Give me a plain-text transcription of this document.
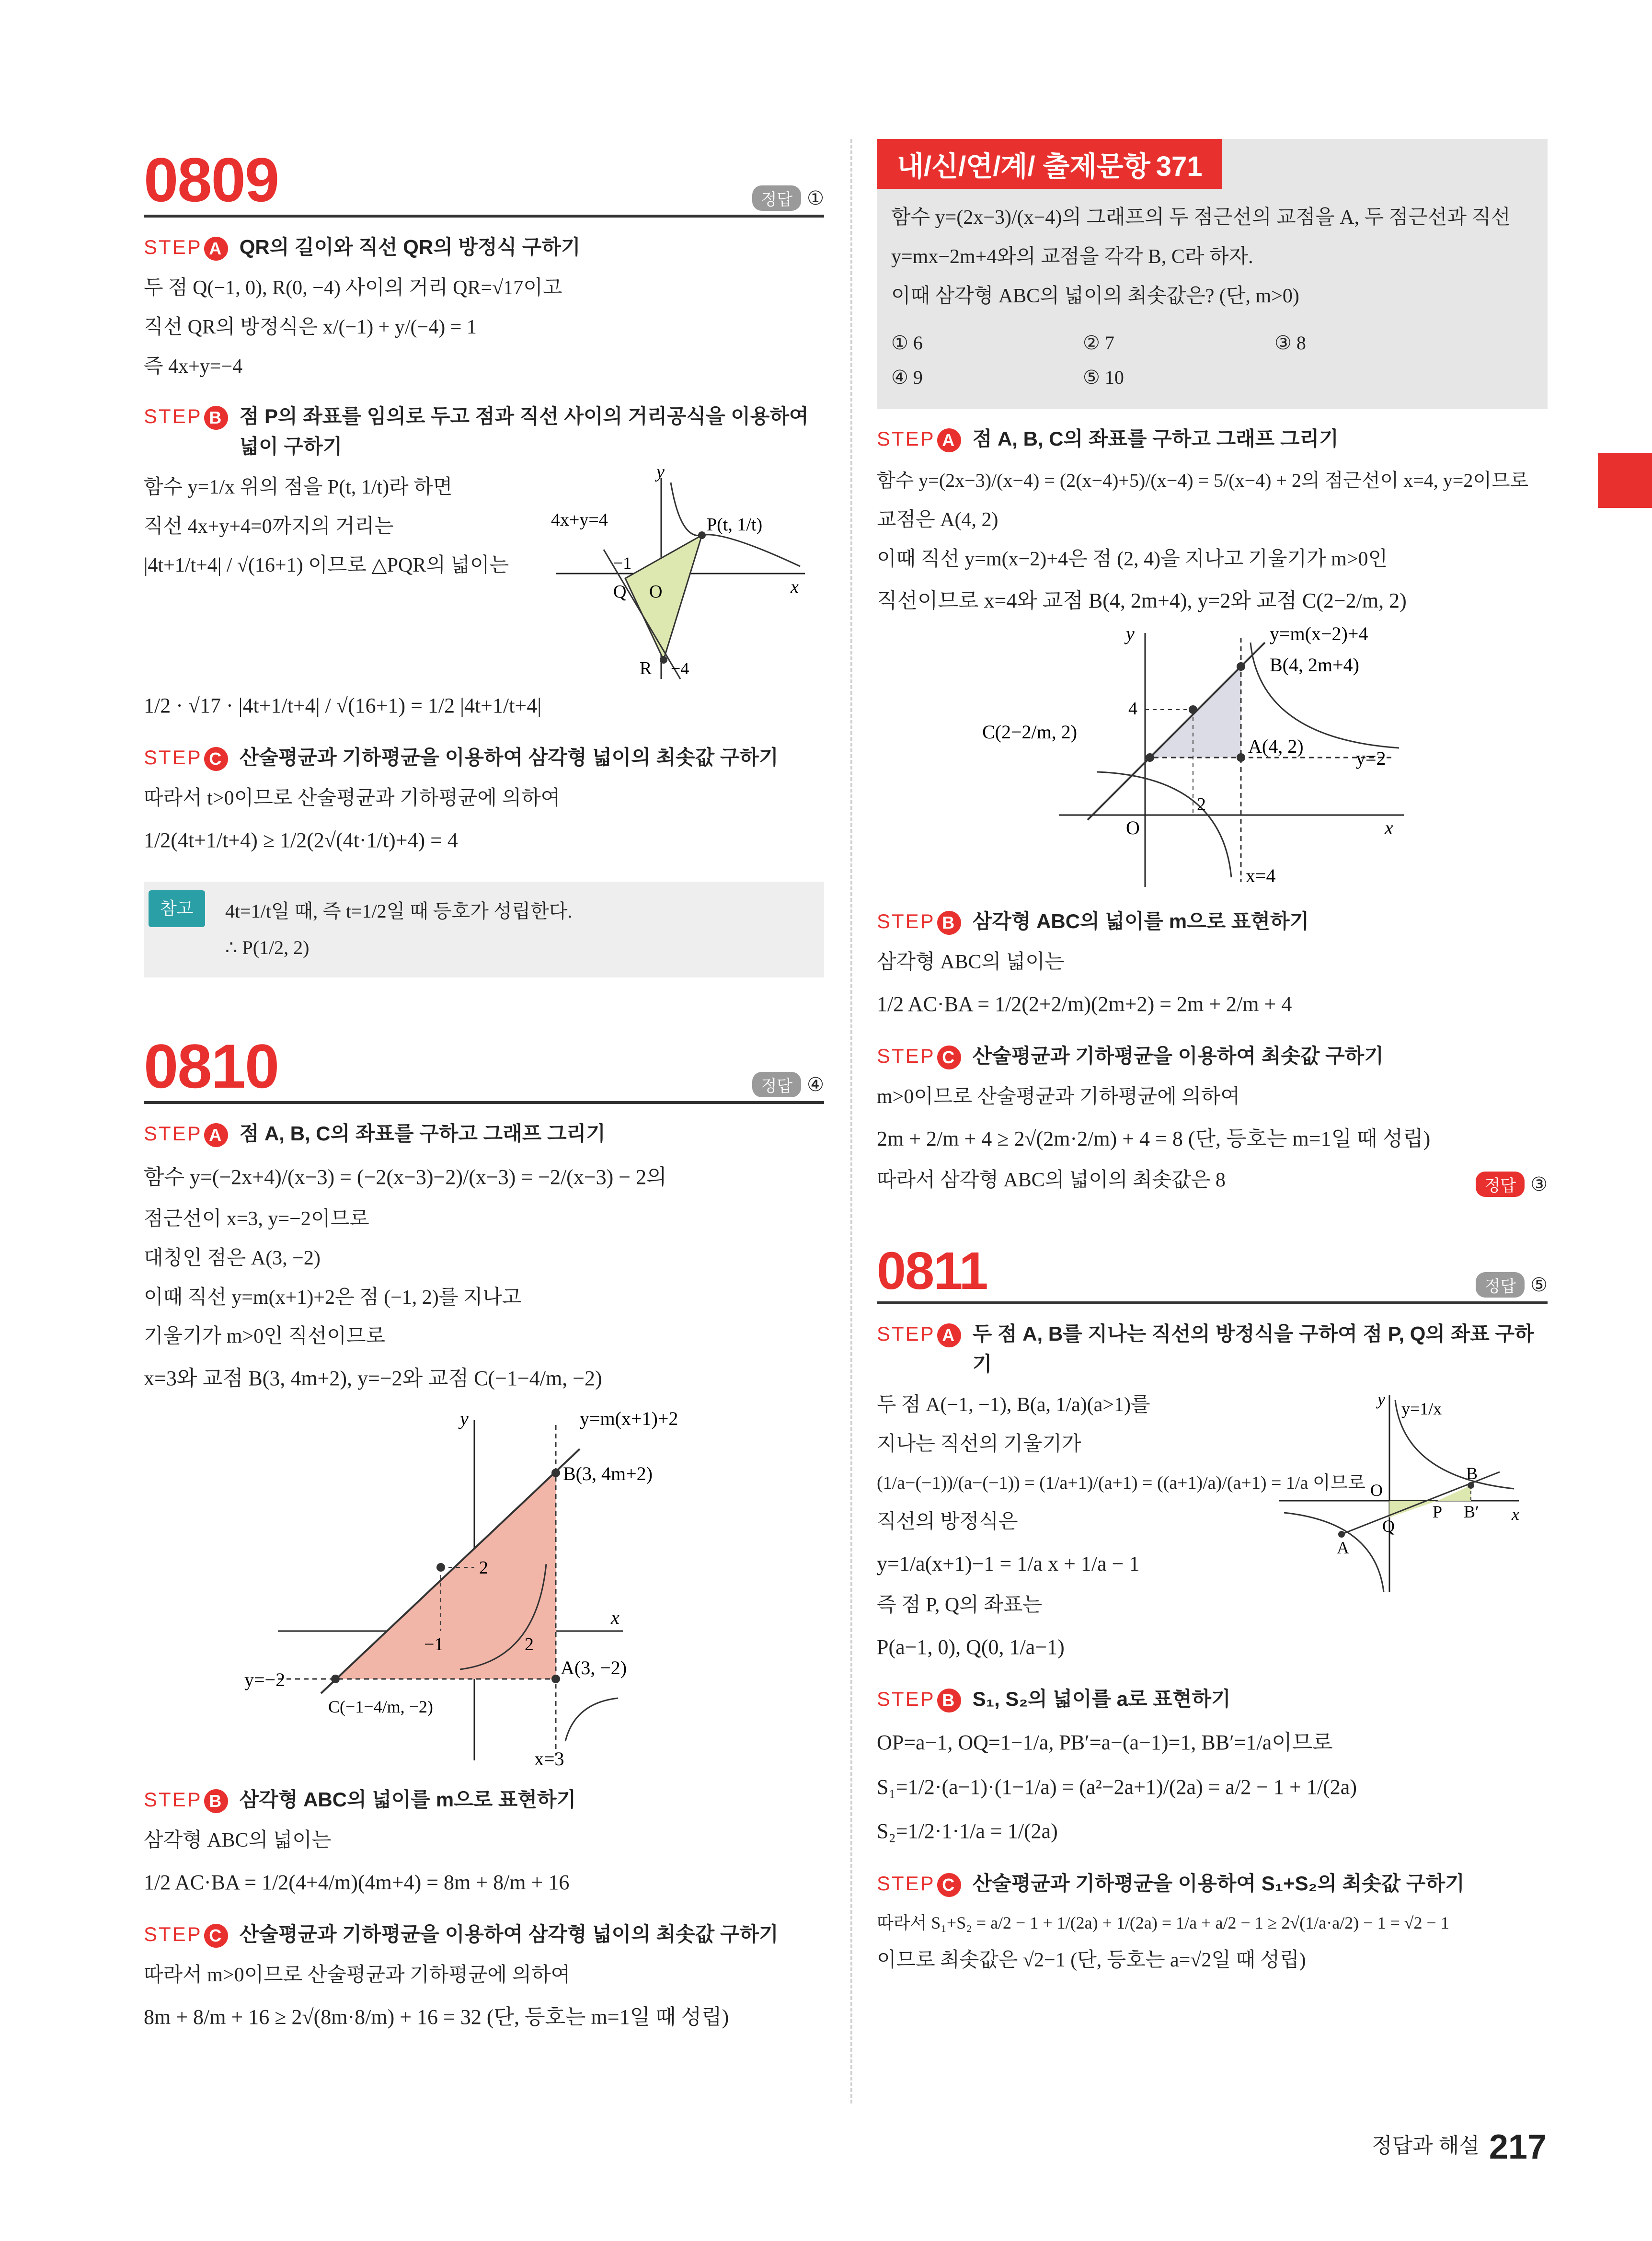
0809	정답 ①
STEP A QR의 길이와 직선 QR의 방정식 구하기
두 점 Q(−1, 0), R(0, −4) 사이의 거리 QR=√17이고
직선 QR의 방정식은 x/(−1) + y/(−4) = 1
즉 4x+y=−4
STEP B 점 P의 좌표를 임의로 두고 점과 직선 사이의 거리공식을 이용하여 넓이 구하기
함수 y=1/x 위의 점을 P(t, 1/t)라 하면
직선 4x+y+4=0까지의 거리는
|4t+1/t+4| / √(16+1) 이므로 △PQR의 넓이는
y
x
4x+y=4	P(t, 1/t)
−1
Q O
R −4
1/2 · √17 · |4t+1/t+4| / √(16+1) = 1/2 |4t+1/t+4|
STEP C 산술평균과 기하평균을 이용하여 삼각형 넓이의 최솟값 구하기
따라서 t>0이므로 산술평균과 기하평균에 의하여
1/2(4t+1/t+4) ≥ 1/2(2√(4t·1/t)+4) = 4
참고	4t=1/t일 때, 즉 t=1/2일 때 등호가 성립한다.
∴ P(1/2, 2)
0810	정답 ④
STEP A 점 A, B, C의 좌표를 구하고 그래프 그리기
함수 y=(−2x+4)/(x−3) = (−2(x−3)−2)/(x−3) = −2/(x−3) − 2의
점근선이 x=3, y=−2이므로
대칭인 점은 A(3, −2)
이때 직선 y=m(x+1)+2은 점 (−1, 2)를 지나고
기울기가 m>0인 직선이므로
x=3와 교점 B(3, 4m+2), y=−2와 교점 C(−1−4/m, −2)
y
x
y=m(x+1)+2
B(3, 4m+2)
2
−1	2
A(3, −2)
y=−2
C(−1−4/m, −2)
x=3
STEP B 삼각형 ABC의 넓이를 m으로 표현하기
삼각형 ABC의 넓이는
1/2 AC·BA = 1/2(4+4/m)(4m+4) = 8m + 8/m + 16
STEP C 산술평균과 기하평균을 이용하여 삼각형 넓이의 최솟값 구하기
따라서 m>0이므로 산술평균과 기하평균에 의하여
8m + 8/m + 16 ≥ 2√(8m·8/m) + 16 = 32 (단, 등호는 m=1일 때 성립)
내/신/연/계/ 출제문항 371
함수 y=(2x−3)/(x−4)의 그래프의 두 점근선의 교점을 A, 두 점근선과 직선
y=mx−2m+4와의 교점을 각각 B, C라 하자.
이때 삼각형 ABC의 넓이의 최솟값은? (단, m>0)
① 6	② 7	③ 8
④ 9	⑤ 10
STEP A 점 A, B, C의 좌표를 구하고 그래프 그리기
함수 y=(2x−3)/(x−4) = (2(x−4)+5)/(x−4) = 5/(x−4) + 2의 점근선이 x=4, y=2이므로
교점은 A(4, 2)
이때 직선 y=m(x−2)+4은 점 (2, 4)을 지나고 기울기가 m>0인
직선이므로 x=4와 교점 B(4, 2m+4), y=2와 교점 C(2−2/m, 2)
y
x
y=m(x−2)+4
B(4, 2m+4)
4
C(2−2/m, 2)
A(4, 2)
y=2
2
O
x=4
STEP B 삼각형 ABC의 넓이를 m으로 표현하기
삼각형 ABC의 넓이는
1/2 AC·BA = 1/2(2+2/m)(2m+2) = 2m + 2/m + 4
STEP C 산술평균과 기하평균을 이용하여 최솟값 구하기
m>0이므로 산술평균과 기하평균에 의하여
2m + 2/m + 4 ≥ 2√(2m·2/m) + 4 = 8 (단, 등호는 m=1일 때 성립)
따라서 삼각형 ABC의 넓이의 최솟값은 8	정답 ③
0811	정답 ⑤
STEP A 두 점 A, B를 지나는 직선의 방정식을 구하여 점 P, Q의 좌표 구하기
두 점 A(−1, −1), B(a, 1/a)(a>1)를
지나는 직선의 기울기가
(1/a−(−1))/(a−(−1)) = (1/a+1)/(a+1) = ((a+1)/a)/(a+1) = 1/a 이므로
직선의 방정식은
y=1/a(x+1)−1 = 1/a x + 1/a − 1
즉 점 P, Q의 좌표는
P(a−1, 0), Q(0, 1/a−1)
y
x
y=1/x
B
O
P B′
Q
A
STEP B S₁, S₂의 넓이를 a로 표현하기
OP=a−1, OQ=1−1/a, PB′=a−(a−1)=1, BB′=1/a이므로
S₁=1/2·(a−1)·(1−1/a) = (a²−2a+1)/(2a) = a/2 − 1 + 1/(2a)
S₂=1/2·1·1/a = 1/(2a)
STEP C 산술평균과 기하평균을 이용하여 S₁+S₂의 최솟값 구하기
따라서 S₁+S₂ = a/2 − 1 + 1/(2a) + 1/(2a) = 1/a + a/2 − 1 ≥ 2√(1/a·a/2) − 1 = √2 − 1
이므로 최솟값은 √2−1 (단, 등호는 a=√2일 때 성립)
정답과 해설 217
